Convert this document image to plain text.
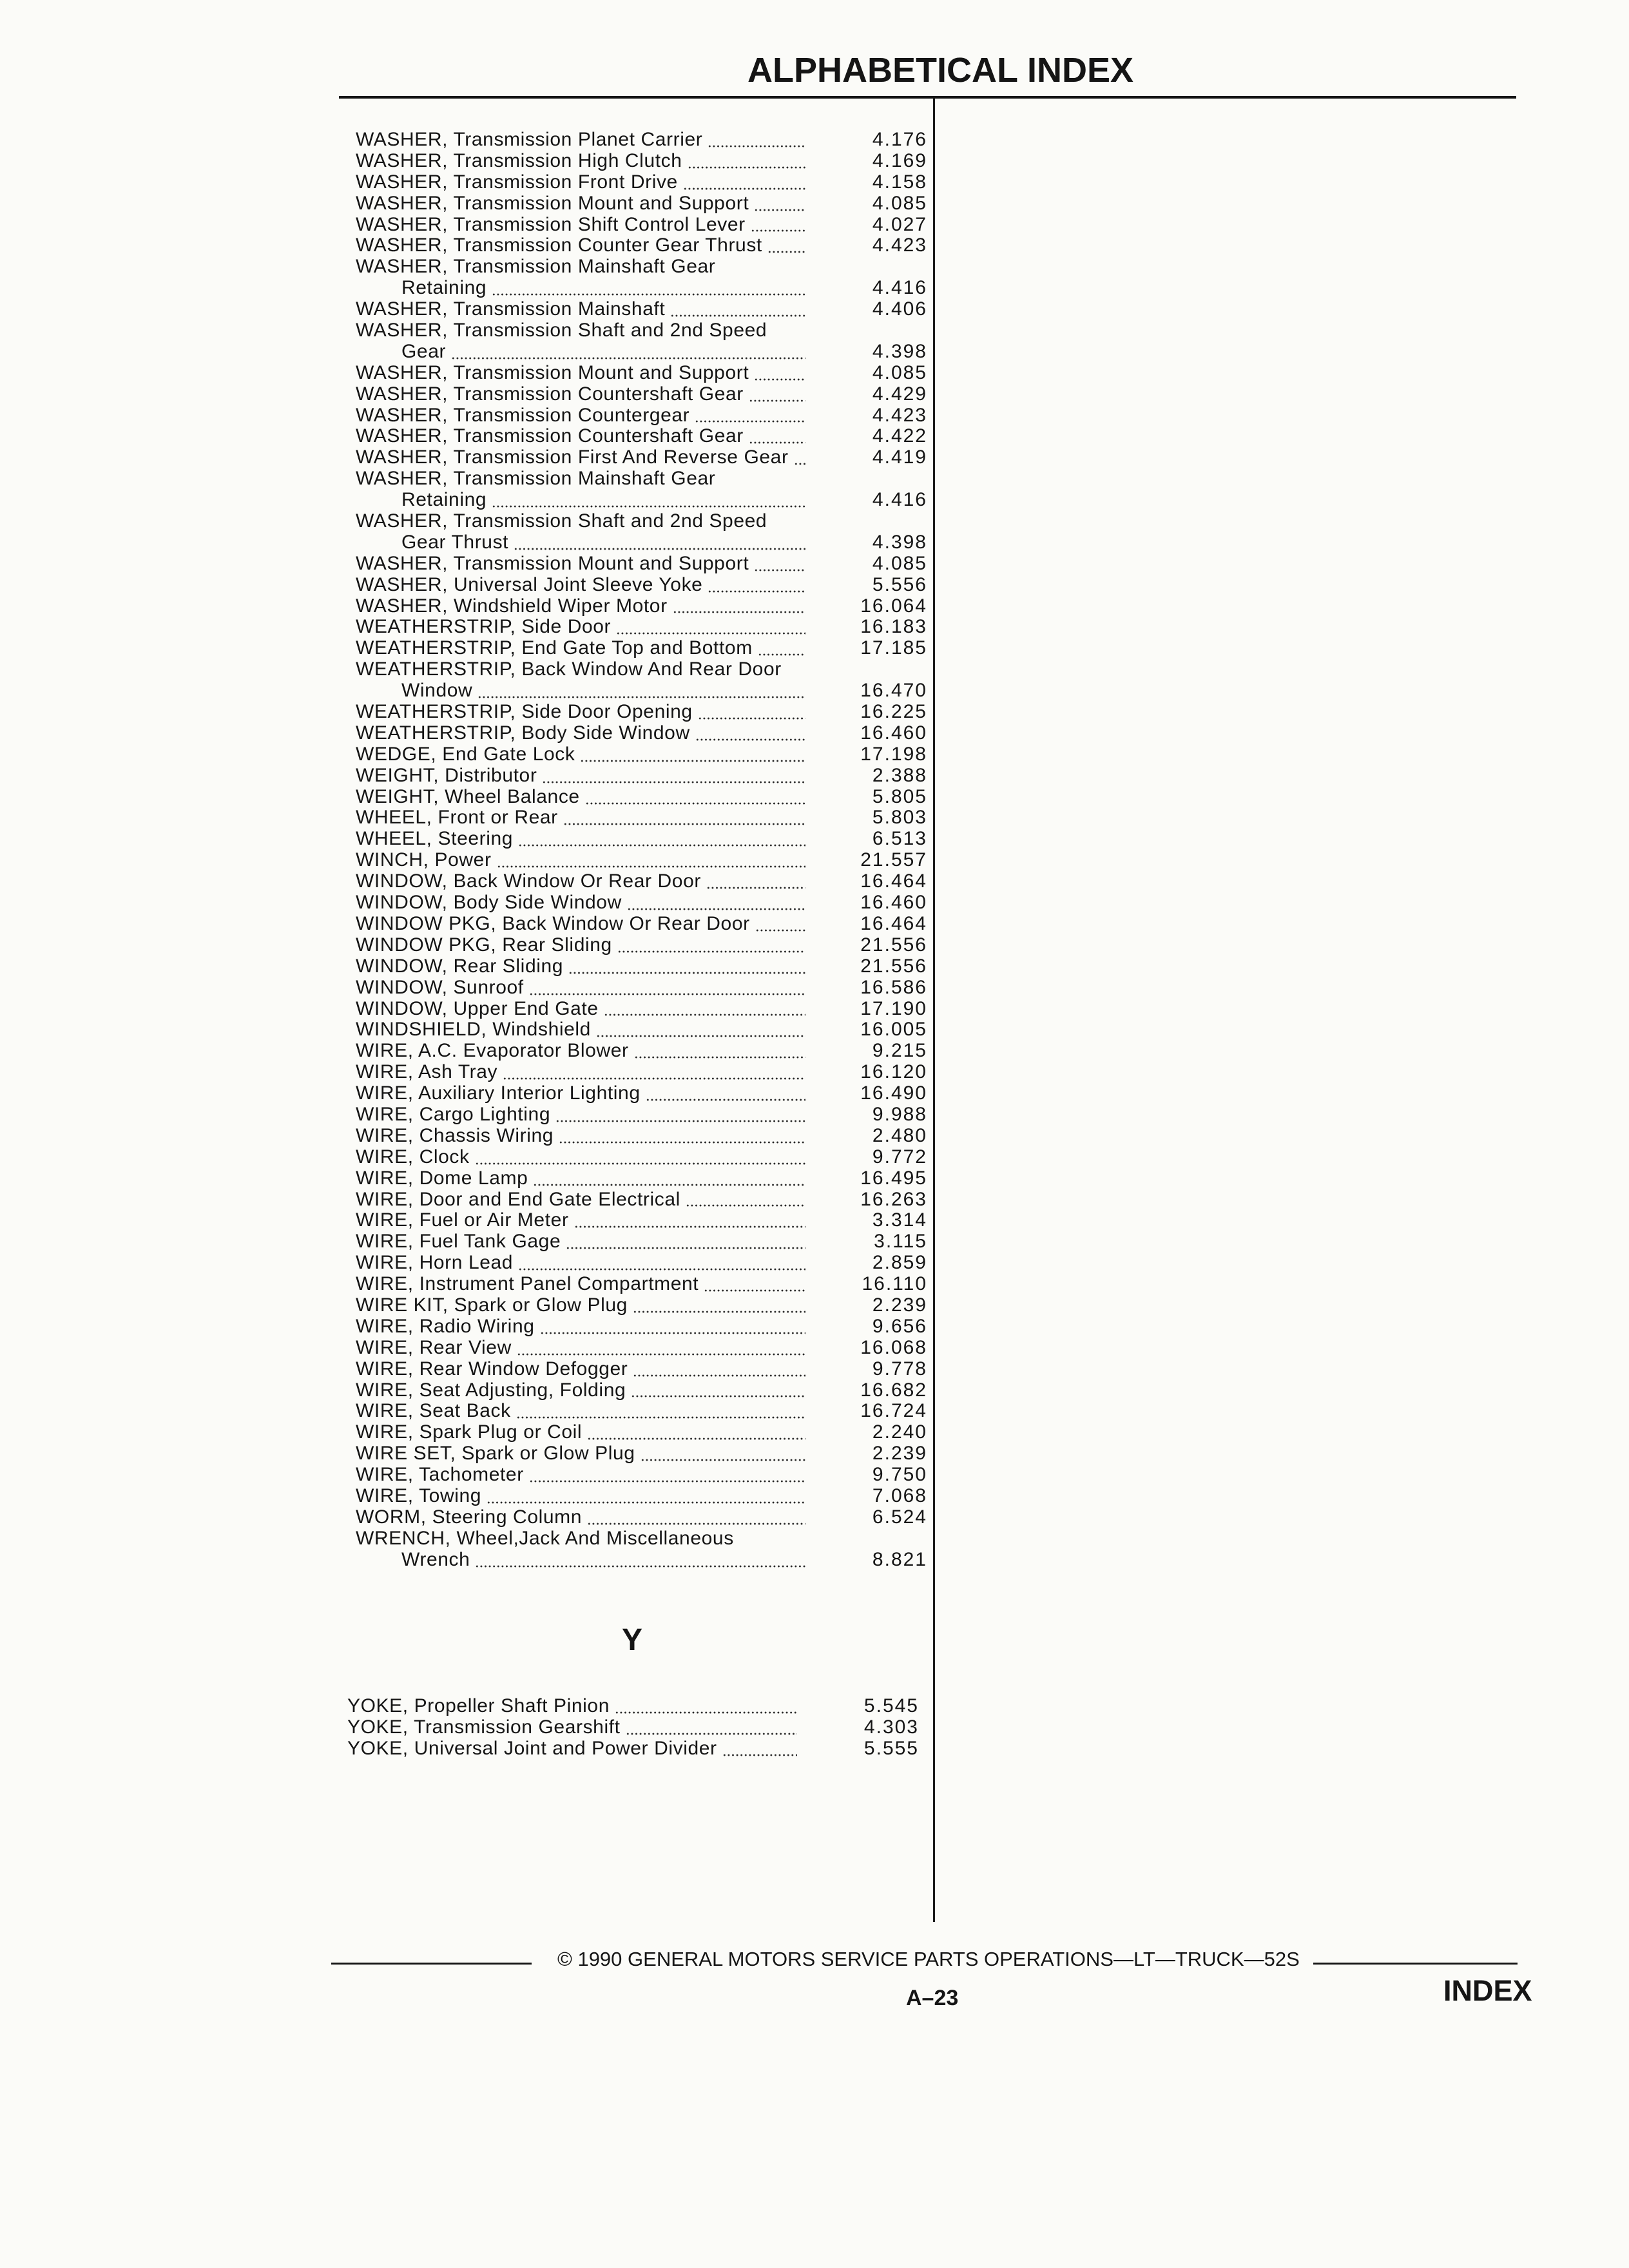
ALPHABETICAL INDEX
WASHER, Transmission Planet Carrier	4.176
WASHER, Transmission High Clutch	4.169
WASHER, Transmission Front Drive	4.158
WASHER, Transmission Mount and Support	4.085
WASHER, Transmission Shift Control Lever	4.027
WASHER, Transmission Counter Gear Thrust	4.423
WASHER, Transmission Mainshaft Gear
Retaining	4.416
WASHER, Transmission Mainshaft	4.406
WASHER, Transmission Shaft and 2nd Speed
Gear	4.398
WASHER, Transmission Mount and Support	4.085
WASHER, Transmission Countershaft Gear	4.429
WASHER, Transmission Countergear	4.423
WASHER, Transmission Countershaft Gear	4.422
WASHER, Transmission First And Reverse Gear	4.419
WASHER, Transmission Mainshaft Gear
Retaining	4.416
WASHER, Transmission Shaft and 2nd Speed
Gear Thrust	4.398
WASHER, Transmission Mount and Support	4.085
WASHER, Universal Joint Sleeve Yoke	5.556
WASHER, Windshield Wiper Motor	16.064
WEATHERSTRIP, Side Door	16.183
WEATHERSTRIP, End Gate Top and Bottom	17.185
WEATHERSTRIP, Back Window And Rear Door
Window	16.470
WEATHERSTRIP, Side Door Opening	16.225
WEATHERSTRIP, Body Side Window	16.460
WEDGE, End Gate Lock	17.198
WEIGHT, Distributor	2.388
WEIGHT, Wheel Balance	5.805
WHEEL, Front or Rear	5.803
WHEEL, Steering	6.513
WINCH, Power	21.557
WINDOW, Back Window Or Rear Door	16.464
WINDOW, Body Side Window	16.460
WINDOW PKG, Back Window Or Rear Door	16.464
WINDOW PKG, Rear Sliding	21.556
WINDOW, Rear Sliding	21.556
WINDOW, Sunroof	16.586
WINDOW, Upper End Gate	17.190
WINDSHIELD, Windshield	16.005
WIRE, A.C. Evaporator Blower	9.215
WIRE, Ash Tray	16.120
WIRE, Auxiliary Interior Lighting	16.490
WIRE, Cargo Lighting	9.988
WIRE, Chassis Wiring	2.480
WIRE, Clock	9.772
WIRE, Dome Lamp	16.495
WIRE, Door and End Gate Electrical	16.263
WIRE, Fuel or Air Meter	3.314
WIRE, Fuel Tank Gage	3.115
WIRE, Horn Lead	2.859
WIRE, Instrument Panel Compartment	16.110
WIRE KIT, Spark or Glow Plug	2.239
WIRE, Radio Wiring	9.656
WIRE, Rear View	16.068
WIRE, Rear Window Defogger	9.778
WIRE, Seat Adjusting, Folding	16.682
WIRE, Seat Back	16.724
WIRE, Spark Plug or Coil	2.240
WIRE SET, Spark or Glow Plug	2.239
WIRE, Tachometer	9.750
WIRE, Towing	7.068
WORM, Steering Column	6.524
WRENCH, Wheel,Jack And Miscellaneous
Wrench	8.821
Y
YOKE, Propeller Shaft Pinion	5.545
YOKE, Transmission Gearshift	4.303
YOKE, Universal Joint and Power Divider	5.555
© 1990 GENERAL MOTORS SERVICE PARTS OPERATIONS—LT—TRUCK—52S
A–23	INDEX
